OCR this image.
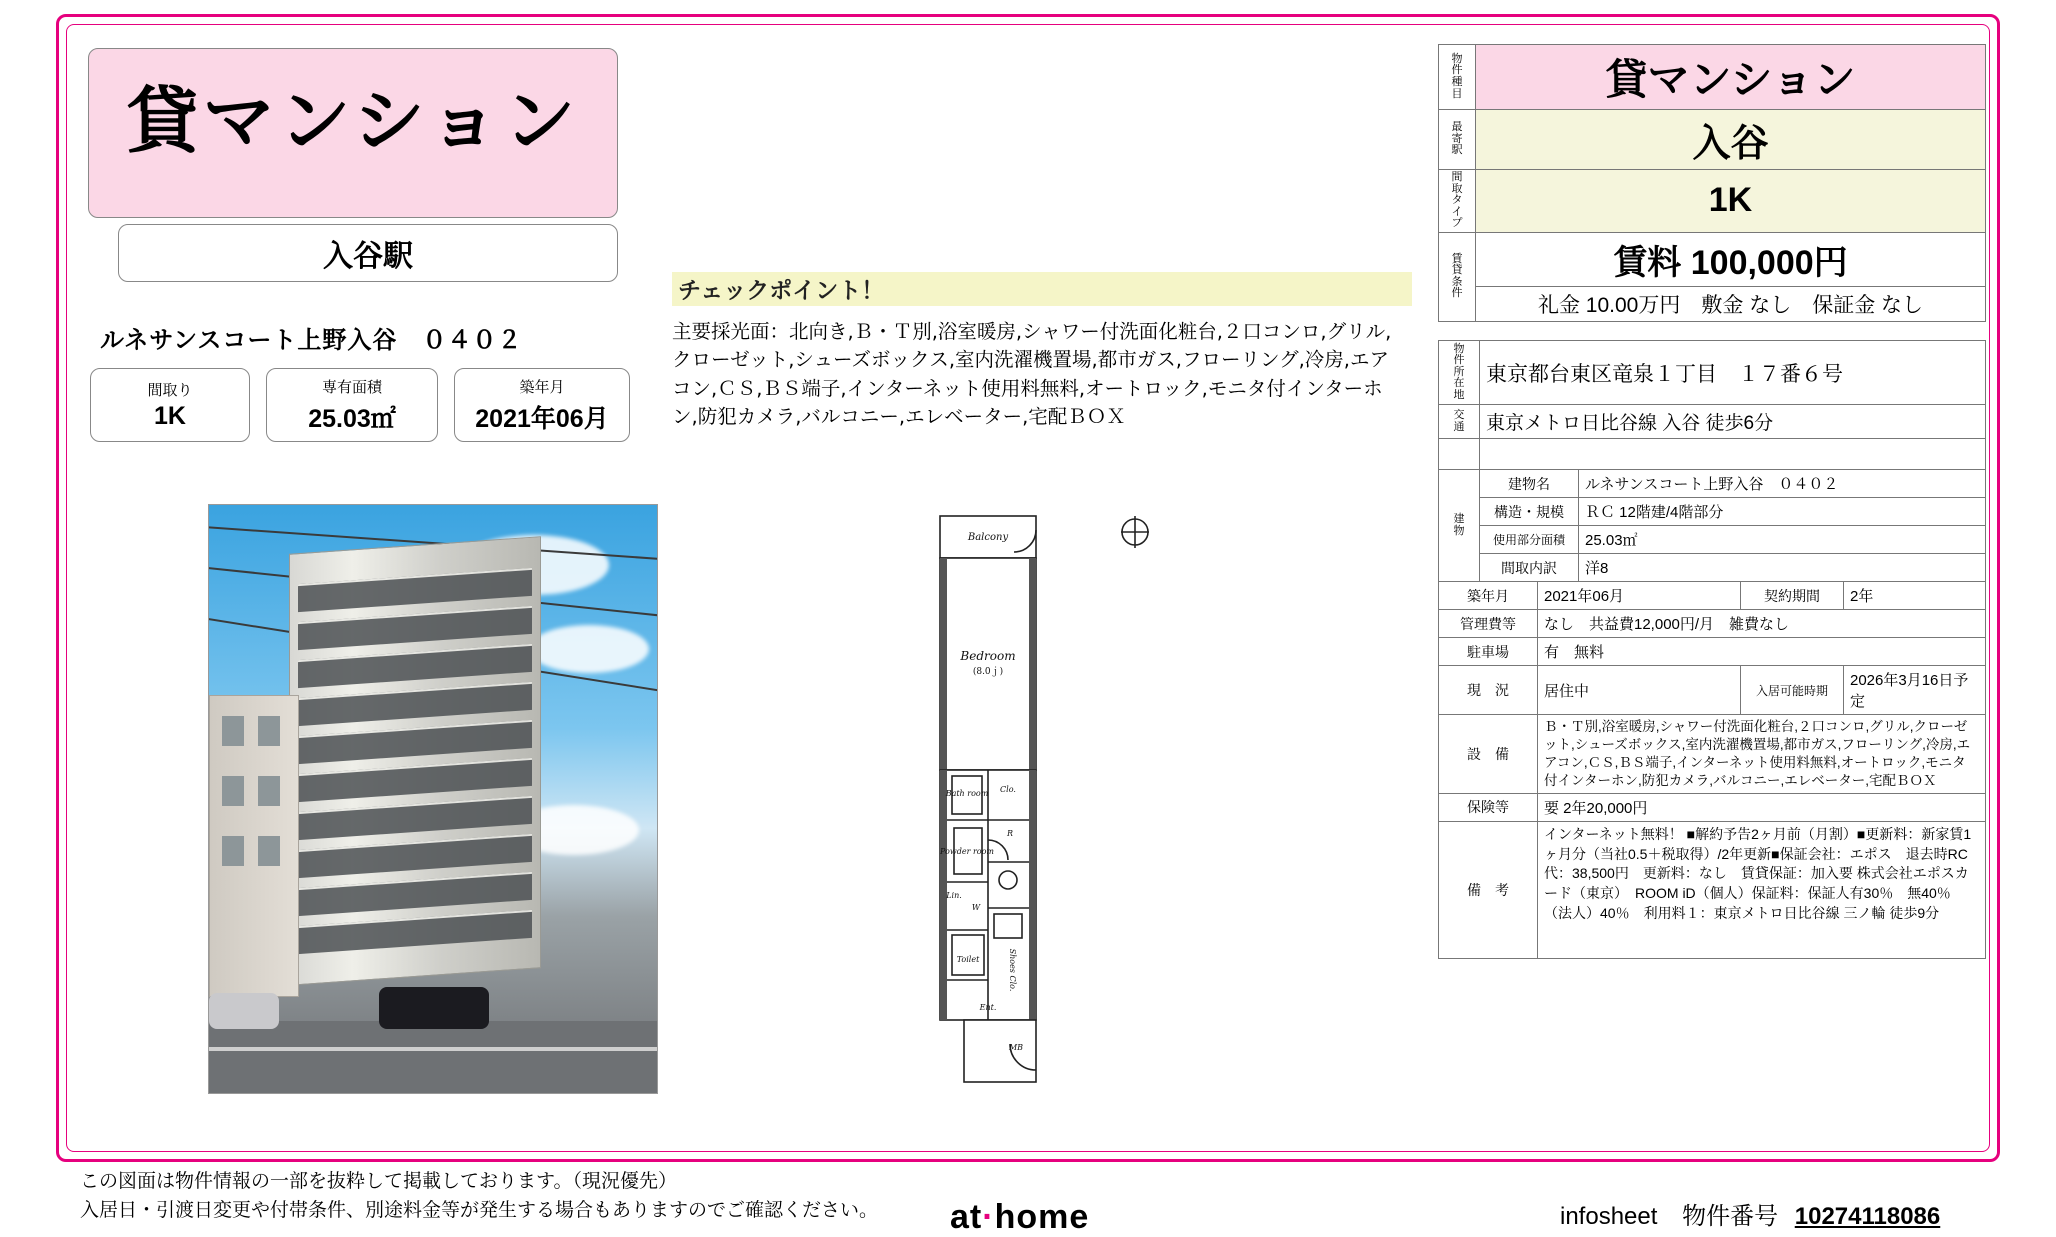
貸マンション
入谷駅
ルネサンスコート上野入谷　０４０２
間取り
1K
専有面積
25.03㎡
築年月
2021年06月
チェックポイント！
主要採光面：北向き,Ｂ・Ｔ別,浴室暖房,シャワー付洗面化粧台,２口コンロ,グリル,クローゼット,シューズボックス,室内洗濯機置場,都市ガス,フローリング,冷房,エアコン,ＣＳ,ＢＳ端子,インターネット使用料無料,オートロック,モニタ付インターホン,防犯カメラ,バルコニー,エレベーター,宅配ＢＯＸ
Balcony
Bedroom
(8.0ｊ)
Bath room
Powder room
Clo.
Lin.
W
R
Toilet	Shoes Clo.
Ent.
MB
物
件
種
目	貸マンション

最
寄
駅	入谷

間
取
タ
イ
プ	1K

賃
貸
条
件	賃料 100,000円
	礼金 10.00万円　敷金 なし　保証金 なし
物
件
所
在
地	東京都台東区竜泉１丁目　１７番６号	

交
通	東京メトロ日比谷線 入谷 徒歩6分	

建
物	建物名	ルネサンスコート上野入谷　０４０２
	構造・規模	ＲＣ 12階建/4階部分
	使用部分面積	25.03㎡
	間取内訳	洋8
築年月	2021年06月	契約期間	2年
管理費等	なし　共益費12,000円/月　雑費なし		
駐車場	有　無料		
現　況	居住中	入居可能時期	2026年3月16日予定
設　備	Ｂ・Ｔ別,浴室暖房,シャワー付洗面化粧台,２口コンロ,グリル,クローゼット,シューズボックス,室内洗濯機置場,都市ガス,フローリング,冷房,エアコン,ＣＳ,ＢＳ端子,インターネット使用料無料,オートロック,モニタ付インターホン,防犯カメラ,バルコニー,エレベーター,宅配ＢＯＸ		
保険等	要 2年20,000円		
備　考	インターネット無料！ ■解約予告2ヶ月前（月割）■更新料：新家賃1ヶ月分（当社0.5＋税取得）/2年更新■保証会社：エポス　退去時RC代：38,500円　更新料：なし　賃貸保証：加入要 株式会社エポスカード（東京）　ROOM iD（個人）保証料：保証人有30％　無40％　（法人）40％　利用料１：東京メトロ日比谷線 三ノ輪 徒歩9分		
この図面は物件情報の一部を抜粋して掲載しております。（現況優先）
入居日・引渡日変更や付帯条件、別途料金等が発生する場合もありますのでご確認ください。	at·home	infosheet 物件番号 10274118086
